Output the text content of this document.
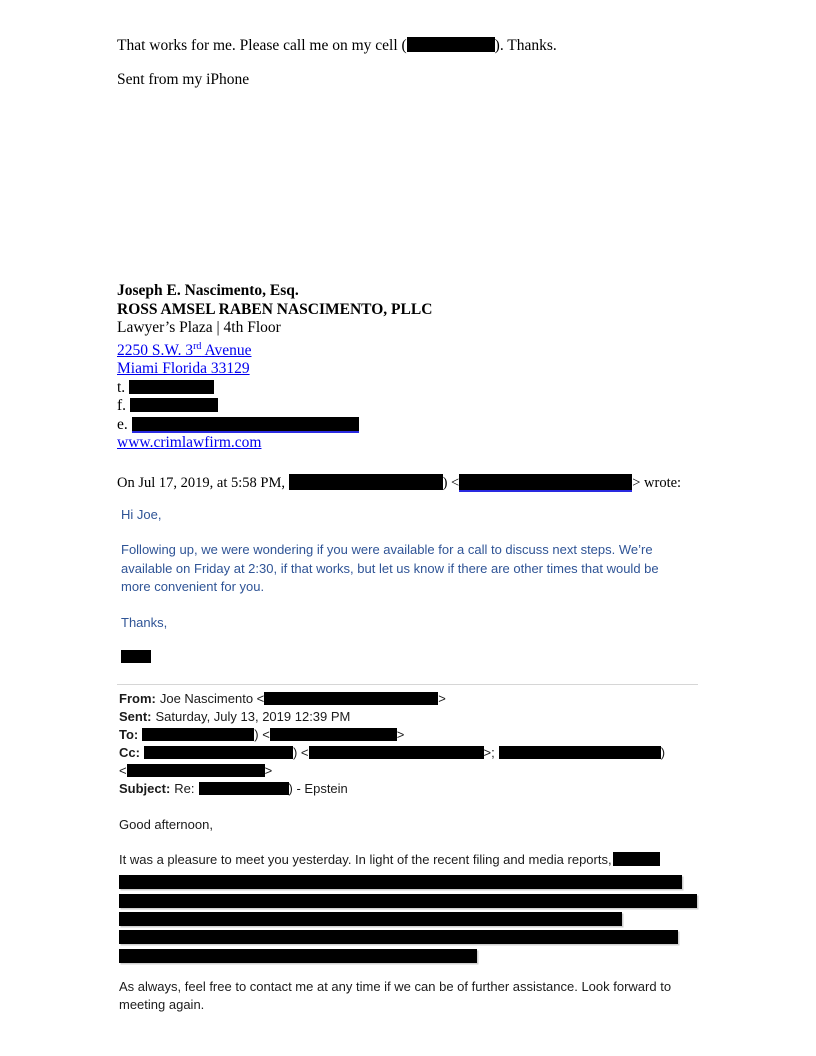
That works for me. Please call me on my cell (	). Thanks.

Sent from my iPhone

Joseph E. Nascimento, Esq.
ROSS AMSEL RABEN NASCIMENTO, PLLC
Lawyer’s Plaza | 4th Floor
2250 S.W. 3rd Avenue
Miami Florida 33129
t.
f.
e.
www.crimlawfirm.com
On Jul 17, 2019, at 5:58 PM,	) <	> wrote:
Hi Joe,
Following up, we were wondering if you were available for a call to discuss next steps. We’re
available on Friday at 2:30, if that works, but let us know if there are other times that would be
more convenient for you.
Thanks,
From: Joe Nascimento <	>
Sent: Saturday, July 13, 2019 12:39 PM
To:	) <	>
Cc:	) <	>;	)
<	>
Subject: Re:	) - Epstein
Good afternoon,
It was a pleasure to meet you yesterday. In light of the recent filing and media reports,
As always, feel free to contact me at any time if we can be of further assistance. Look forward to
meeting again.
